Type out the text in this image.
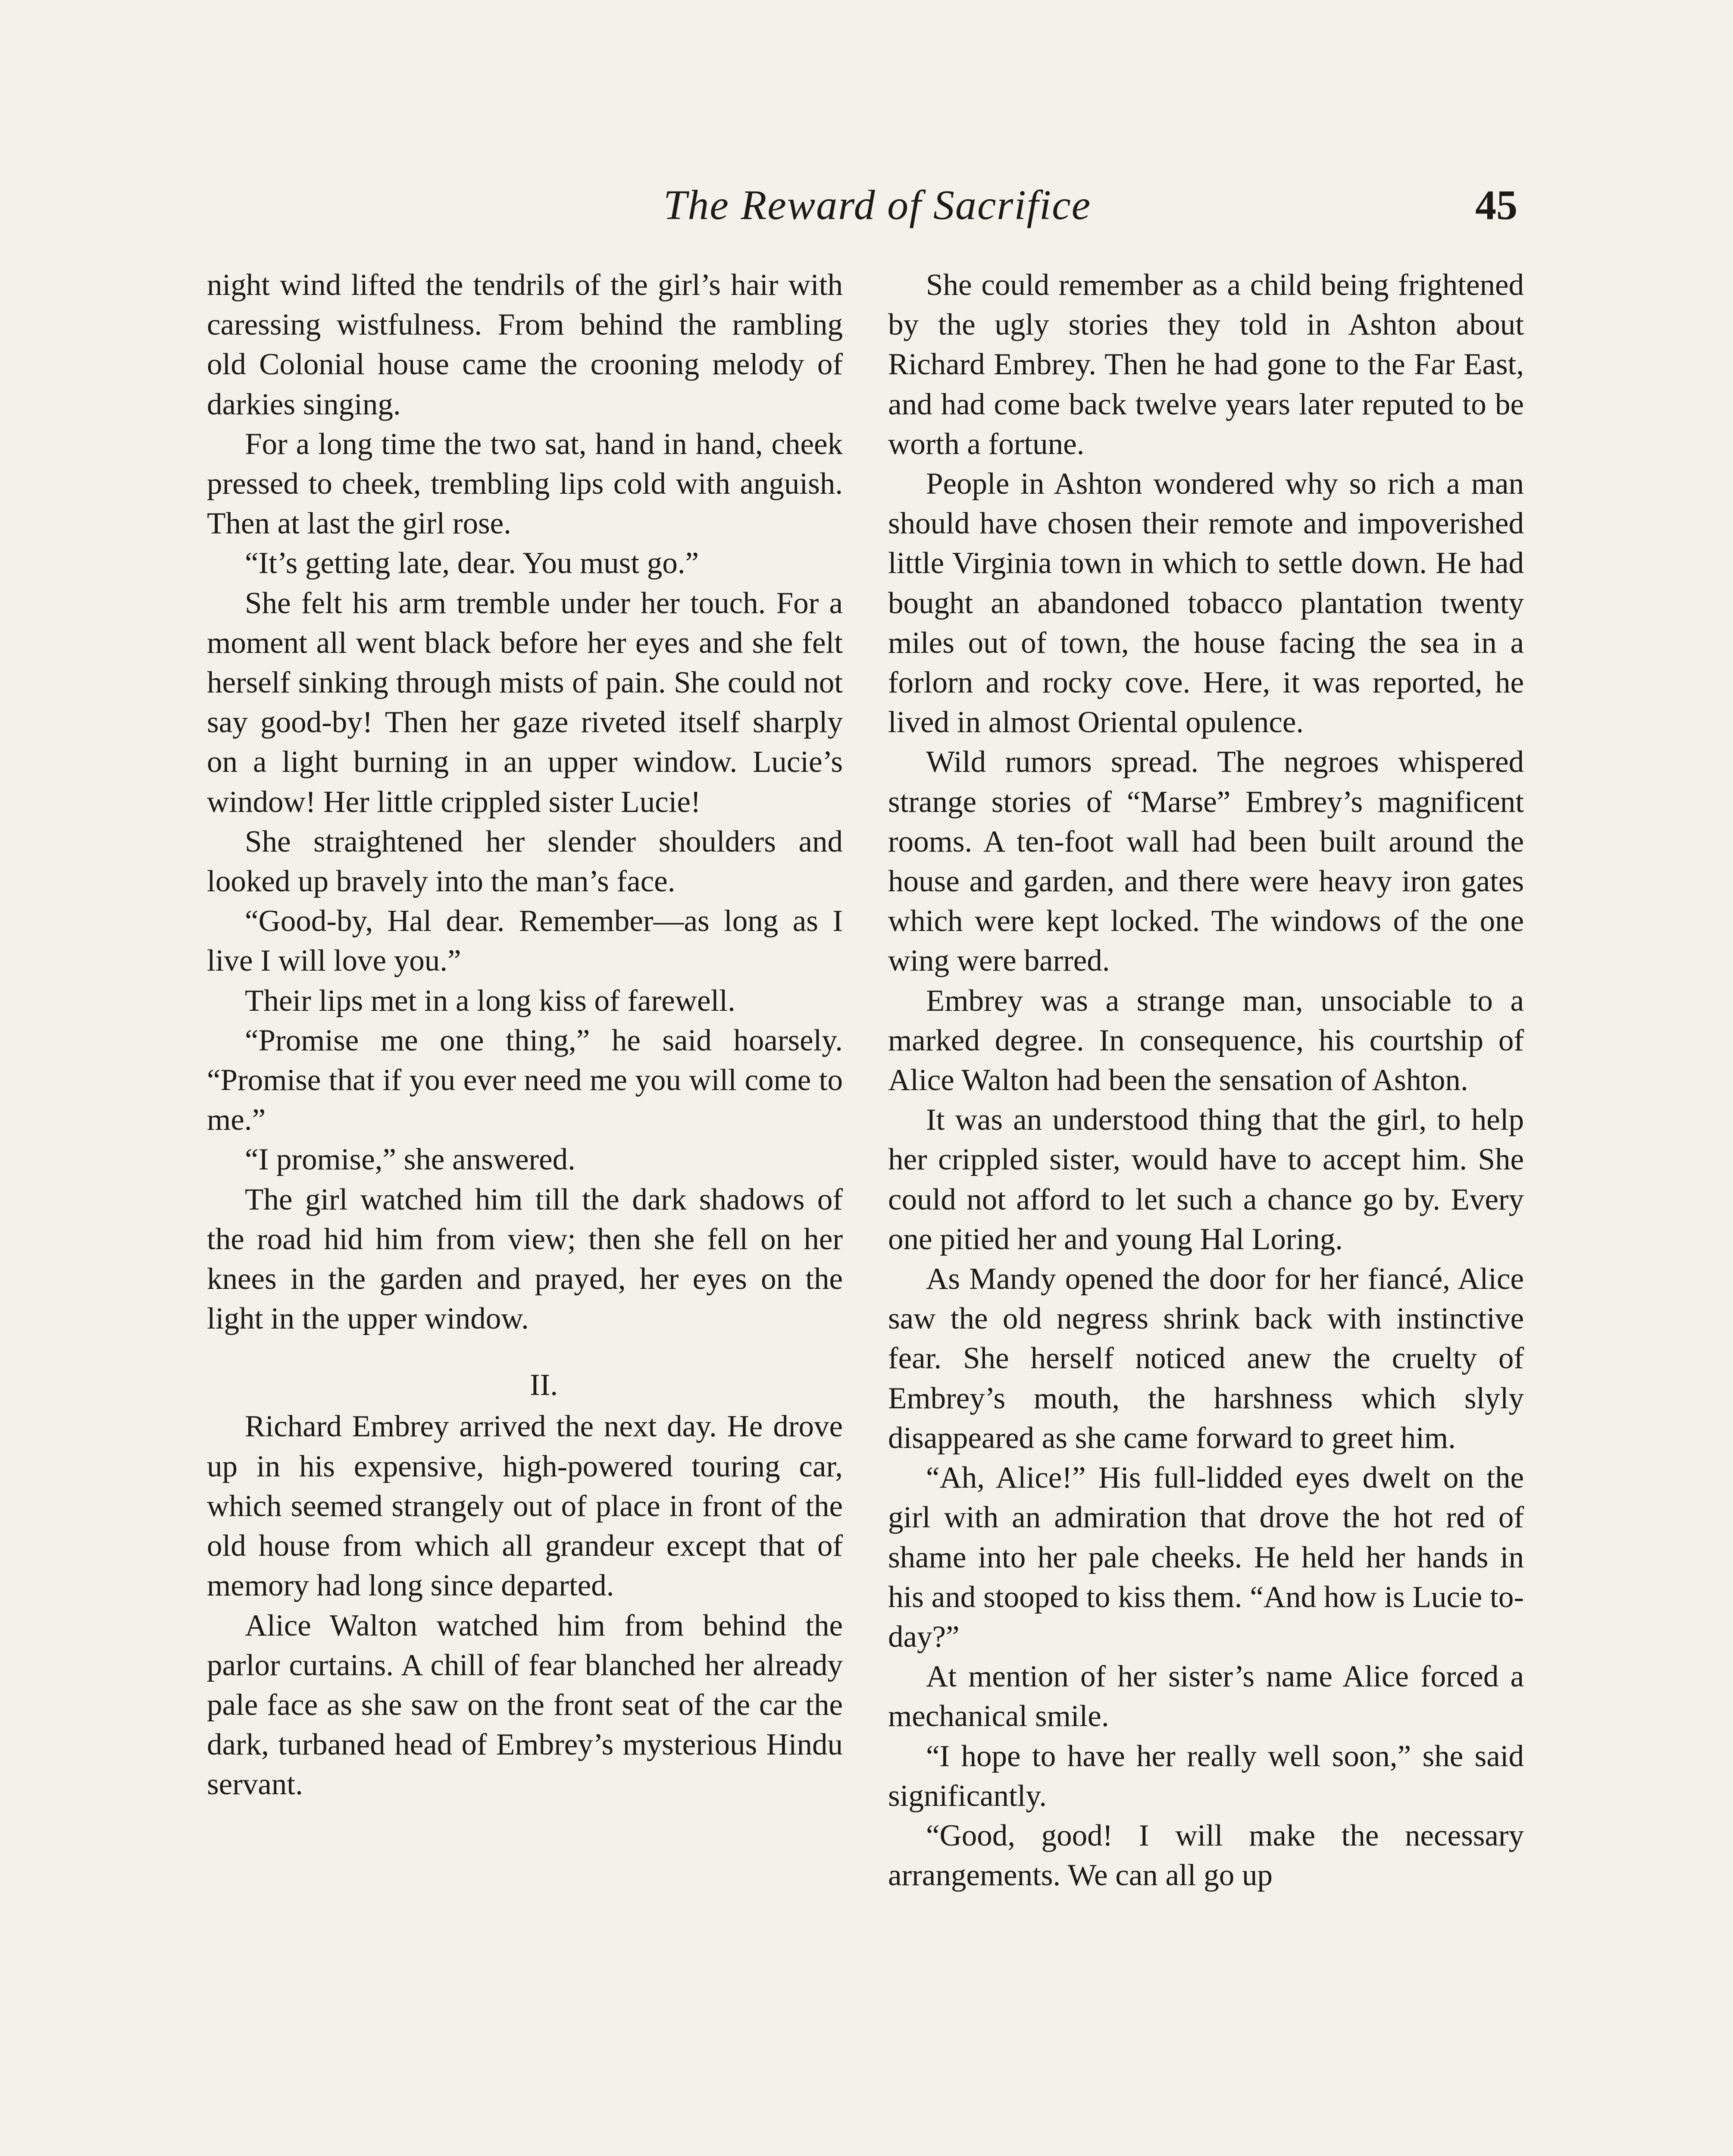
The Reward of Sacrifice	45

night wind lifted the tendrils of the girl’s hair with caressing wistfulness. From behind the rambling old Colonial house came the crooning melody of darkies singing.

For a long time the two sat, hand in hand, cheek pressed to cheek, trembling lips cold with anguish. Then at last the girl rose.

“It’s getting late, dear. You must go.”

She felt his arm tremble under her touch. For a moment all went black before her eyes and she felt herself sinking through mists of pain. She could not say good-by! Then her gaze riveted itself sharply on a light burning in an upper window. Lucie’s window! Her little crippled sister Lucie!

She straightened her slender shoulders and looked up bravely into the man’s face.

“Good-by, Hal dear. Remember—as long as I live I will love you.”

Their lips met in a long kiss of farewell.

“Promise me one thing,” he said hoarsely. “Promise that if you ever need me you will come to me.”

“I promise,” she answered.

The girl watched him till the dark shadows of the road hid him from view; then she fell on her knees in the garden and prayed, her eyes on the light in the upper window.

II.

Richard Embrey arrived the next day. He drove up in his expensive, high-powered touring car, which seemed strangely out of place in front of the old house from which all grandeur except that of memory had long since departed.

Alice Walton watched him from behind the parlor curtains. A chill of fear blanched her already pale face as she saw on the front seat of the car the dark, turbaned head of Embrey’s mysterious Hindu servant.

She could remember as a child being frightened by the ugly stories they told in Ashton about Richard Embrey. Then he had gone to the Far East, and had come back twelve years later reputed to be worth a fortune.

People in Ashton wondered why so rich a man should have chosen their remote and impoverished little Virginia town in which to settle down. He had bought an abandoned tobacco plantation twenty miles out of town, the house facing the sea in a forlorn and rocky cove. Here, it was reported, he lived in almost Oriental opulence.

Wild rumors spread. The negroes whispered strange stories of “Marse” Embrey’s magnificent rooms. A ten-foot wall had been built around the house and garden, and there were heavy iron gates which were kept locked. The windows of the one wing were barred.

Embrey was a strange man, unsociable to a marked degree. In consequence, his courtship of Alice Walton had been the sensation of Ashton.

It was an understood thing that the girl, to help her crippled sister, would have to accept him. She could not afford to let such a chance go by. Every one pitied her and young Hal Loring.

As Mandy opened the door for her fiancé, Alice saw the old negress shrink back with instinctive fear. She herself noticed anew the cruelty of Embrey’s mouth, the harshness which slyly disappeared as she came forward to greet him.

“Ah, Alice!” His full-lidded eyes dwelt on the girl with an admiration that drove the hot red of shame into her pale cheeks. He held her hands in his and stooped to kiss them. “And how is Lucie to-day?”

At mention of her sister’s name Alice forced a mechanical smile.

“I hope to have her really well soon,” she said significantly.

“Good, good! I will make the necessary arrangements. We can all go up
